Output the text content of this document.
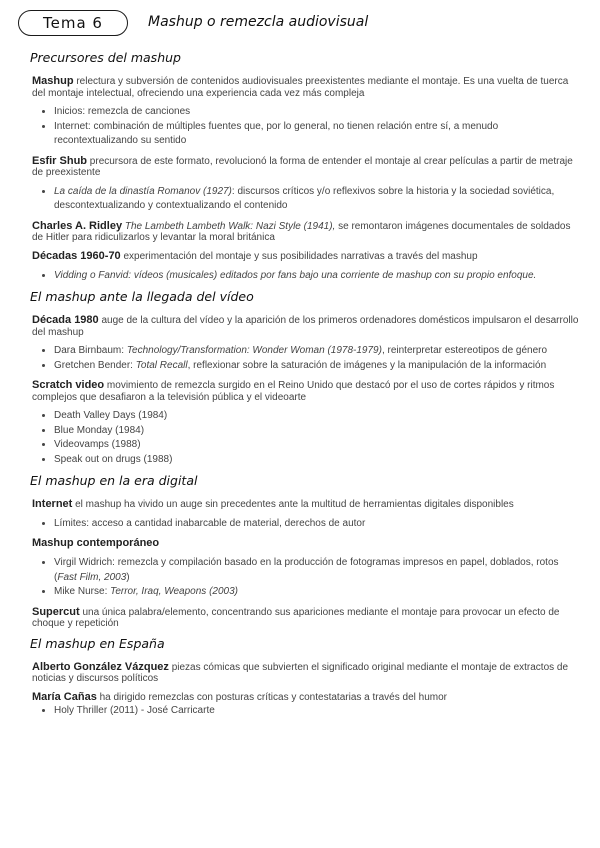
Tema 6	Mashup o remezcla audiovisual
Precursores del mashup
Mashup relectura y subversión de contenidos audiovisuales preexistentes mediante el montaje. Es una vuelta de tuerca del montaje intelectual, ofreciendo una experiencia cada vez más compleja
• Inicios: remezcla de canciones
• Internet: combinación de múltiples fuentes que, por lo general, no tienen relación entre sí, a menudo recontextualizando su sentido
Esfir Shub precursora de este formato, revolucionó la forma de entender el montaje al crear películas a partir de metraje de preexistente
• La caída de la dinastía Romanov (1927): discursos críticos y/o reflexivos sobre la historia y la sociedad soviética, descontextualizando y contextualizando el contenido
Charles A. Ridley The Lambeth Lambeth Walk: Nazi Style (1941), se remontaron imágenes documentales de soldados de Hitler para ridiculizarlos y levantar la moral británica
Décadas 1960-70 experimentación del montaje y sus posibilidades narrativas a través del mashup
• Vidding o Fanvid: vídeos (musicales) editados por fans bajo una corriente de mashup con su propio enfoque.
El mashup ante la llegada del vídeo
Década 1980 auge de la cultura del vídeo y la aparición de los primeros ordenadores domésticos impulsaron el desarrollo del mashup
• Dara Birnbaum: Technology/Transformation: Wonder Woman (1978-1979), reinterpretar estereotipos de género
• Gretchen Bender: Total Recall, reflexionar sobre la saturación de imágenes y la manipulación de la información
Scratch video movimiento de remezcla surgido en el Reino Unido que destacó por el uso de cortes rápidos y ritmos complejos que desafiaron a la televisión pública y el videoarte
• Death Valley Days (1984)
• Blue Monday (1984)
• Videovamps (1988)
• Speak out on drugs (1988)
El mashup en la era digital
Internet el mashup ha vivido un auge sin precedentes ante la multitud de herramientas digitales disponibles
• Límites: acceso a cantidad inabarcable de material, derechos de autor
Mashup contemporáneo
• Virgil Widrich: remezcla y compilación basado en la producción de fotogramas impresos en papel, doblados, rotos (Fast Film, 2003)
• Mike Nurse: Terror, Iraq, Weapons (2003)
Supercut una única palabra/elemento, concentrando sus apariciones mediante el montaje para provocar un efecto de choque y repetición
El mashup en España
Alberto González Vázquez piezas cómicas que subvierten el significado original mediante el montaje de extractos de noticias y discursos políticos
María Cañas ha dirigido remezclas con posturas críticas y contestatarias a través del humor
• Holy Thriller (2011) - José Carricarte
